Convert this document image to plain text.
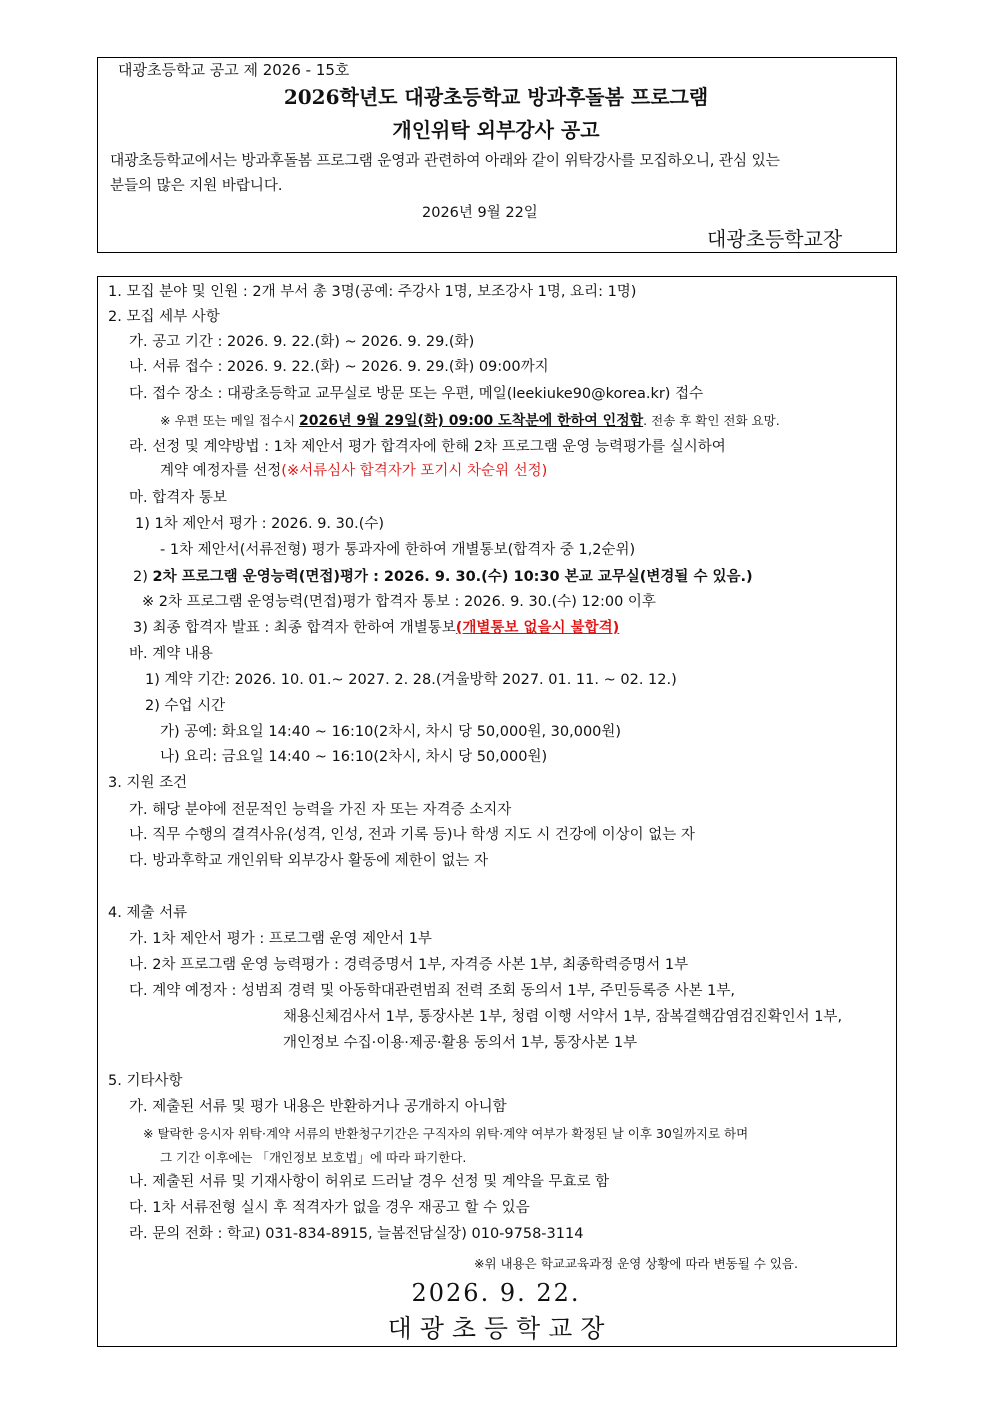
대광초등학교 공고 제 2026 - 15호
2026학년도 대광초등학교 방과후돌봄 프로그램
개인위탁 외부강사 공고
대광초등학교에서는 방과후돌봄 프로그램 운영과 관련하여 아래와 같이 위탁강사를 모집하오니, 관심 있는
분들의 많은 지원 바랍니다.
2026년 9월 22일
대광초등학교장
1. 모집 분야 및 인원 : 2개 부서 총 3명(공예: 주강사 1명, 보조강사 1명, 요리: 1명)
2. 모집 세부 사항
가. 공고 기간 : 2026. 9. 22.(화) ~ 2026. 9. 29.(화)
나. 서류 접수 : 2026. 9. 22.(화) ~ 2026. 9. 29.(화) 09:00까지
다. 접수 장소 : 대광초등학교 교무실로 방문 또는 우편, 메일(leekiuke90@korea.kr) 접수
※ 우편 또는 메일 접수시 2026년 9월 29일(화) 09:00 도착분에 한하여 인정함. 전송 후 확인 전화 요망.
라. 선정 및 계약방법 : 1차 제안서 평가 합격자에 한해 2차 프로그램 운영 능력평가를 실시하여
계약 예정자를 선정(※서류심사 합격자가 포기시 차순위 선정)
마. 합격자 통보
1) 1차 제안서 평가 : 2026. 9. 30.(수)
- 1차 제안서(서류전형) 평가 통과자에 한하여 개별통보(합격자 중 1,2순위)
2) 2차 프로그램 운영능력(면접)평가 : 2026. 9. 30.(수) 10:30 본교 교무실(변경될 수 있음.)
※ 2차 프로그램 운영능력(면접)평가 합격자 통보 : 2026. 9. 30.(수) 12:00 이후
3) 최종 합격자 발표 : 최종 합격자 한하여 개별통보(개별통보 없을시 불합격)
바. 계약 내용
1) 계약 기간: 2026. 10. 01.~ 2027. 2. 28.(겨울방학 2027. 01. 11. ~ 02. 12.)
2) 수업 시간
가) 공예: 화요일 14:40 ~ 16:10(2차시, 차시 당 50,000원, 30,000원)
나) 요리: 금요일 14:40 ~ 16:10(2차시, 차시 당 50,000원)
3. 지원 조건
가. 해당 분야에 전문적인 능력을 가진 자 또는 자격증 소지자
나. 직무 수행의 결격사유(성격, 인성, 전과 기록 등)나 학생 지도 시 건강에 이상이 없는 자
다. 방과후학교 개인위탁 외부강사 활동에 제한이 없는 자
4. 제출 서류
가. 1차 제안서 평가 : 프로그램 운영 제안서 1부
나. 2차 프로그램 운영 능력평가 : 경력증명서 1부, 자격증 사본 1부, 최종학력증명서 1부
다. 계약 예정자 : 성범죄 경력 및 아동학대관련범죄 전력 조회 동의서 1부, 주민등록증 사본 1부,
채용신체검사서 1부, 통장사본 1부, 청렴 이행 서약서 1부, 잠복결핵감염검진확인서 1부,
개인정보 수집·이용·제공·활용 동의서 1부, 통장사본 1부
5. 기타사항
가. 제출된 서류 및 평가 내용은 반환하거나 공개하지 아니함
※ 탈락한 응시자 위탁·계약 서류의 반환청구기간은 구직자의 위탁·계약 여부가 확정된 날 이후 30일까지로 하며
그 기간 이후에는 「개인정보 보호법」에 따라 파기한다.
나. 제출된 서류 및 기재사항이 허위로 드러날 경우 선정 및 계약을 무효로 함
다. 1차 서류전형 실시 후 적격자가 없을 경우 재공고 할 수 있음
라. 문의 전화 : 학교) 031-834-8915, 늘봄전담실장) 010-9758-3114
※위 내용은 학교교육과정 운영 상황에 따라 변동될 수 있음.
2026. 9. 22.
대 광 초 등 학 교 장
